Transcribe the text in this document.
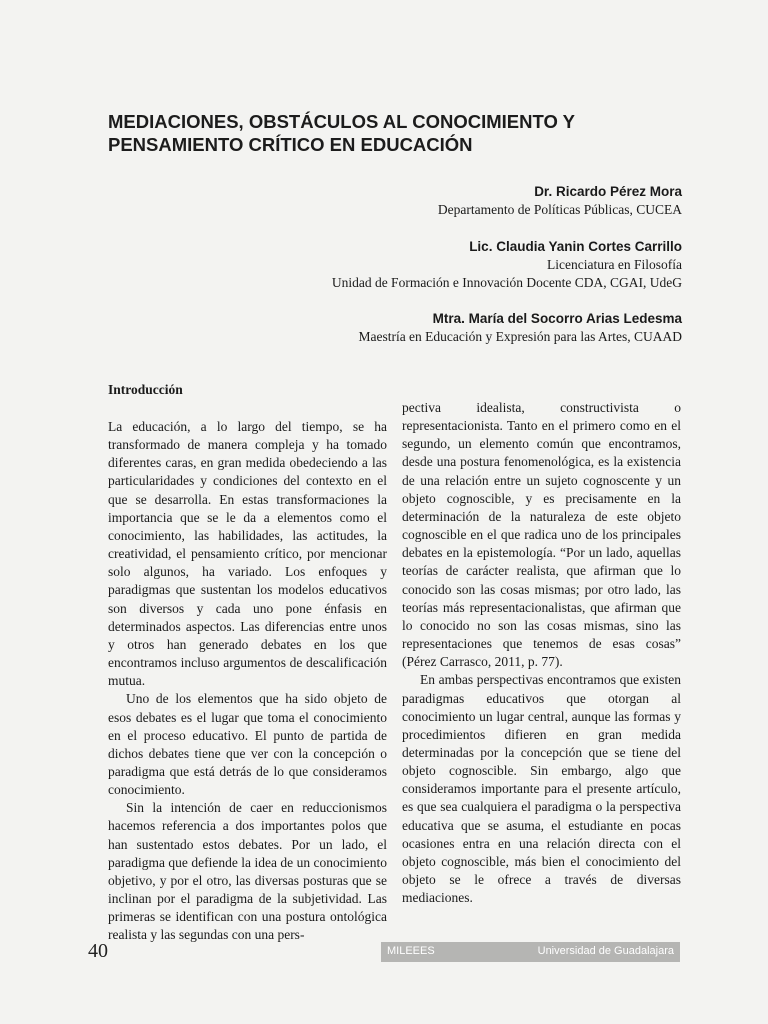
MEDIACIONES, OBSTÁCULOS AL CONOCIMIENTO Y PENSAMIENTO CRÍTICO EN EDUCACIÓN
Dr. Ricardo Pérez Mora
Departamento de Políticas Públicas, CUCEA
Lic. Claudia Yanin Cortes Carrillo
Licenciatura en Filosofía
Unidad de Formación e Innovación Docente CDA, CGAI, UdeG
Mtra. María del Socorro Arias Ledesma
Maestría en Educación y Expresión para las Artes, CUAAD
Introducción

La educación, a lo largo del tiempo, se ha transformado de manera compleja y ha tomado diferentes caras, en gran medida obedeciendo a las particularidades y condiciones del contexto en el que se desarrolla. En estas transformaciones la importancia que se le da a elementos como el conocimiento, las habilidades, las actitudes, la creatividad, el pensamiento crítico, por mencionar solo algunos, ha variado. Los enfoques y paradigmas que sustentan los modelos educativos son diversos y cada uno pone énfasis en determinados aspectos. Las diferencias entre unos y otros han generado debates en los que encontramos incluso argumentos de descalificación mutua.

Uno de los elementos que ha sido objeto de esos debates es el lugar que toma el conocimiento en el proceso educativo. El punto de partida de dichos debates tiene que ver con la concepción o paradigma que está detrás de lo que consideramos conocimiento.

Sin la intención de caer en reduccionismos hacemos referencia a dos importantes polos que han sustentado estos debates. Por un lado, el paradigma que defiende la idea de un conocimiento objetivo, y por el otro, las diversas posturas que se inclinan por el paradigma de la subjetividad. Las primeras se identifican con una postura ontológica realista y las segundas con una pers-

pectiva idealista, constructivista o representacionista. Tanto en el primero como en el segundo, un elemento común que encontramos, desde una postura fenomenológica, es la existencia de una relación entre un sujeto cognoscente y un objeto cognoscible, y es precisamente en la determinación de la naturaleza de este objeto cognoscible en el que radica uno de los principales debates en la epistemología. “Por un lado, aquellas teorías de carácter realista, que afirman que lo conocido son las cosas mismas; por otro lado, las teorías más representacionalistas, que afirman que lo conocido no son las cosas mismas, sino las representaciones que tenemos de esas cosas” (Pérez Carrasco, 2011, p. 77).

En ambas perspectivas encontramos que existen paradigmas educativos que otorgan al conocimiento un lugar central, aunque las formas y procedimientos difieren en gran medida determinadas por la concepción que se tiene del objeto cognoscible. Sin embargo, algo que consideramos importante para el presente artículo, es que sea cualquiera el paradigma o la perspectiva educativa que se asuma, el estudiante en pocas ocasiones entra en una relación directa con el objeto cognoscible, más bien el conocimiento del objeto se le ofrece a través de diversas mediaciones.

40	MILEEES	Universidad de Guadalajara
